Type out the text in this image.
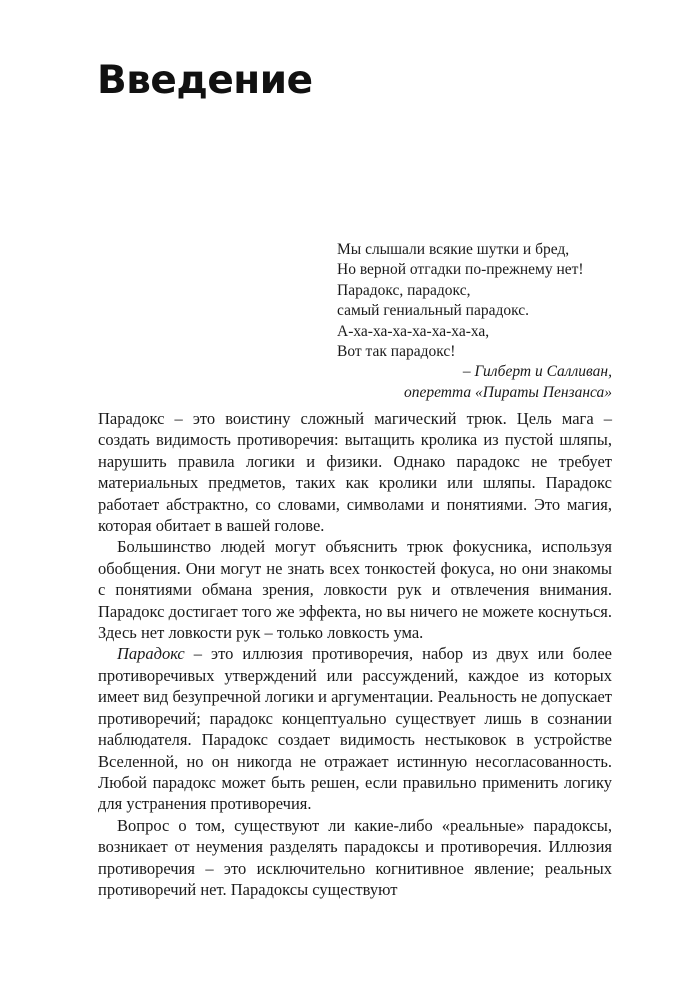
Введение
Мы слышали всякие шутки и бред,
Но верной отгадки по-прежнему нет!
Парадокс, парадокс,
самый гениальный парадокс.
А-ха-ха-ха-ха-ха-ха-ха,
Вот так парадокс!
– Гилберт и Салливан,
оперетта «Пираты Пензанса»

Парадокс – это воистину сложный магический трюк. Цель мага – создать видимость противоречия: вытащить кролика из пустой шляпы, нарушить правила логики и физики. Однако парадокс не требует материальных предметов, таких как кролики или шляпы. Парадокс работает абстрактно, со словами, символами и понятиями. Это магия, которая обитает в вашей голове.

Большинство людей могут объяснить трюк фокусника, используя обобщения. Они могут не знать всех тонкостей фокуса, но они знакомы с понятиями обмана зрения, ловкости рук и отвлечения внимания. Парадокс достигает того же эффекта, но вы ничего не можете коснуться. Здесь нет ловкости рук – только ловкость ума.

Парадокс – это иллюзия противоречия, набор из двух или более противоречивых утверждений или рассуждений, каждое из которых имеет вид безупречной логики и аргументации. Реальность не допускает противоречий; парадокс концептуально существует лишь в сознании наблюдателя. Парадокс создает видимость нестыковок в устройстве Вселенной, но он никогда не отражает истинную несогласованность. Любой парадокс может быть решен, если правильно применить логику для устранения противоречия.

Вопрос о том, существуют ли какие-либо «реальные» парадоксы, возникает от неумения разделять парадоксы и противоречия. Иллюзия противоречия – это исключительно когнитивное явление; реальных противоречий нет. Парадоксы существуют
